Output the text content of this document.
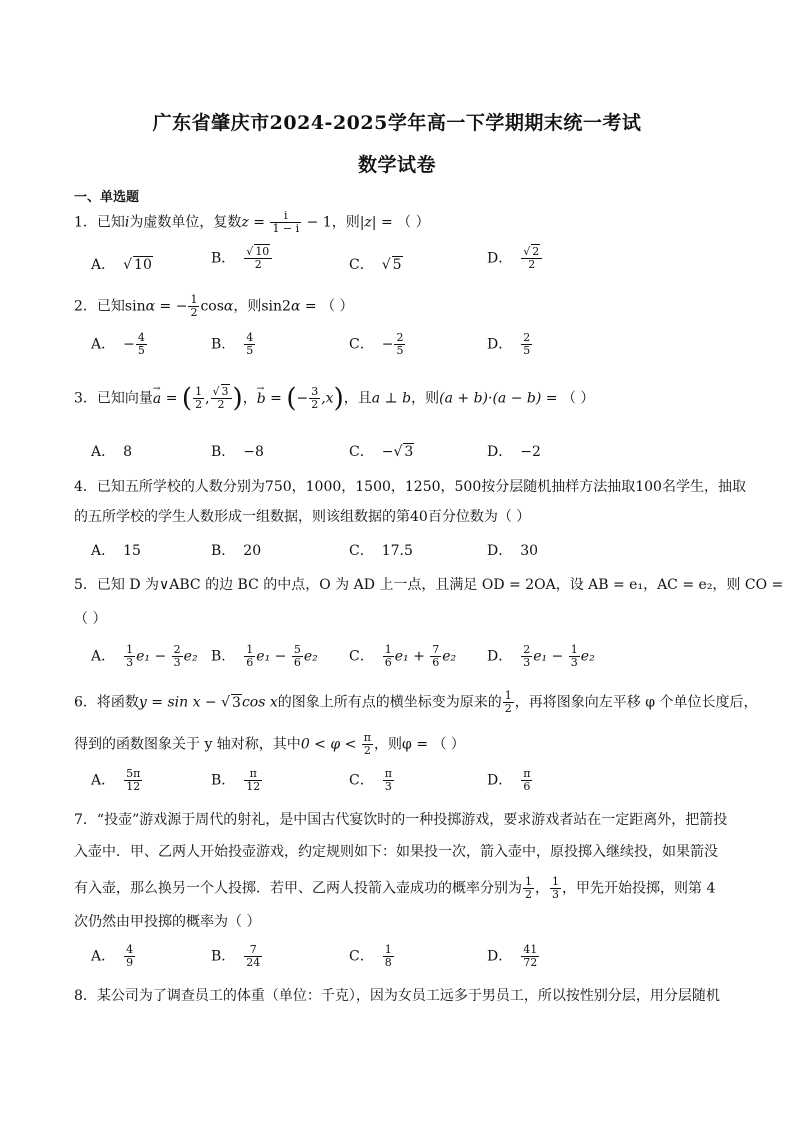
广东省肇庆市2024-2025学年高一下学期期末统一考试
数学试卷
一、单选题
1．已知i为虚数单位，复数$z = \frac{i}{1 - i} - 1$，则|z| = （ ）
A． √ 10	B． $\frac{√ 10}{2}$	C． √ 5	D． $\frac{√ 2}{2}$
2．已知sinα = − $\frac{1}{2}$ cosα，则sin2α = （ ）
A． − $\frac{4}{5}$	B． $\frac{4}{5}$	C． − $\frac{2}{5}$	D． $\frac{2}{5}$
3．已知向量→ a = ( $\frac{1}{2}$ , $\frac{√ 3}{2}$ )，→ b = (− $\frac{3}{2} ,x$)，且a ⊥ b，则(a + b)·(a − b) = （ ）
A． 8	B． −8	C． −√ 3	D． −2
4．已知五所学校的人数分别为750，1000，1500，1250，500按分层随机抽样方法抽取100名学生，抽取
的五所学校的学生人数形成一组数据，则该组数据的第40百分位数为（ ）
A． 15	B． 20	C． 17.5	D． 30
5．已知 D 为∨ABC 的边 BC 的中点，O 为 AD 上一点，且满足 OD = 2OA，设 AB = e₁，AC = e₂，则 CO =
（ ）
A． $\frac{1}{3} e_1 - \frac{2}{3} e_2$ B． $\frac{1}{6} e_1 - \frac{5}{6} e_2$ C． $\frac{1}{6} e_1 + \frac{7}{6} e_2$ D． $\frac{2}{3} e_1 - \frac{1}{3} e_2$
6．将函数y = sin x − √ 3cos x的图象上所有点的横坐标变为原来的 $\frac{1}{2}$ ，再将图象向左平移 φ 个单位长度后，
得到的函数图象关于 y 轴对称，其中$0 < \varphi < \frac{\pi}{2}$ ，则φ = （ ）
A． $\frac{5\pi}{12}$	B． $\frac{\pi}{12}$	C． $\frac{\pi}{3}$	D． $\frac{\pi}{6}$
7．“投壶”游戏源于周代的射礼，是中国古代宴饮时的一种投掷游戏，要求游戏者站在一定距离外，把箭投
入壶中．甲、乙两人开始投壶游戏，约定规则如下：如果投一次，箭入壶中，原投掷入继续投，如果箭没
有入壶，那么换另一个人投掷．若甲、乙两人投箭入壶成功的概率分别为 $\frac{1}{2}$ ， $\frac{1}{3}$ ，甲先开始投掷，则第 4
次仍然由甲投掷的概率为（ ）
A． $\frac{4}{9}$	B． $\frac{7}{24}$	C． $\frac{1}{8}$	D． $\frac{41}{72}$
8．某公司为了调查员工的体重（单位：千克），因为女员工远多于男员工，所以按性别分层，用分层随机
